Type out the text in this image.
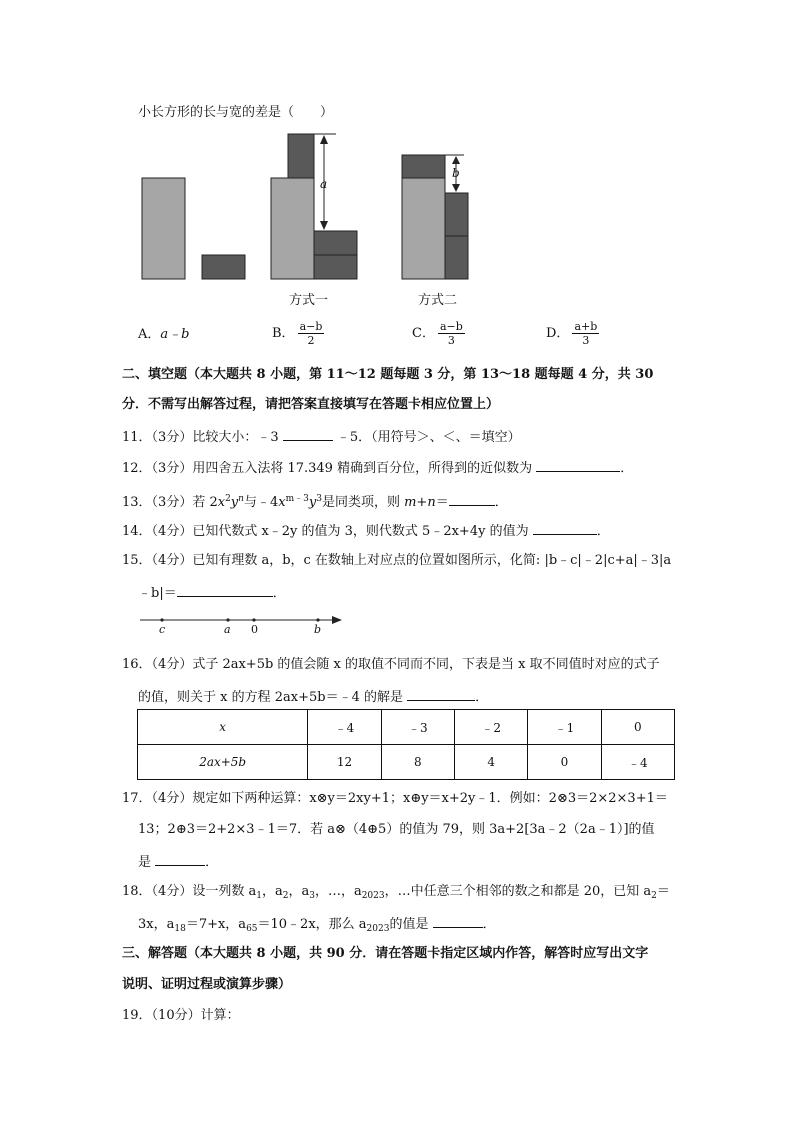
小长方形的长与宽的差是（　　）
a
b
方式一	方式二
A．a﹣b	B． $\frac{a-b}{2}$	C． $\frac{a-b}{3}$	D． $\frac{a+b}{3}$
二、填空题（本大题共 8 小题，第 11～12 题每题 3 分，第 13～18 题每题 4 分，共 30
分．不需写出解答过程，请把答案直接填写在答题卡相应位置上）
11．（3分）比较大小：﹣3	﹣5．（用符号＞、＜、＝填空）
12．（3分）用四舍五入法将 17.349 精确到百分位，所得到的近似数为	．
13．（3分）若 $2x^2y^n$与$﹣4x^{m﹣3}y^3$是同类项，则 m+n＝	．
14．（4分）已知代数式 x﹣2y 的值为 3，则代数式 5﹣2x+4y 的值为	．
15．（4分）已知有理数 a，b，c 在数轴上对应点的位置如图所示，化简: |b﹣c|﹣2|c+a|﹣3|a
﹣b|＝	．
c	a 0	b
16．（4分）式子 2ax+5b 的值会随 x 的取值不同而不同，下表是当 x 取不同值时对应的式子
的值，则关于 x 的方程 2ax+5b＝﹣4 的解是	．
x	﹣4	﹣3	﹣2	﹣1	0
2ax+5b	12	8	4	0	﹣4
17．（4分）规定如下两种运算：x⊗y＝2xy+1；x⊕y＝x+2y﹣1．例如：2⊗3＝2×2×3+1＝
13；2⊕3＝2+2×3﹣1＝7．若 a⊗（4⊕5）的值为 79，则 3a+2[3a﹣2（2a﹣1）]的值
是	．
18．（4分）设一列数 $a_1$，$a_2$，$a_3$，…，$a_{2023}$，…中任意三个相邻的数之和都是 20，已知 $a_2=$
3x，$a_{18}=7+x$，$a_{65}=10﹣2x$，那么 $a_{2023}$的值是	．
三、解答题（本大题共 8 小题，共 90 分．请在答题卡指定区域内作答，解答时应写出文字
说明、证明过程或演算步骤）
19．（10分）计算：
